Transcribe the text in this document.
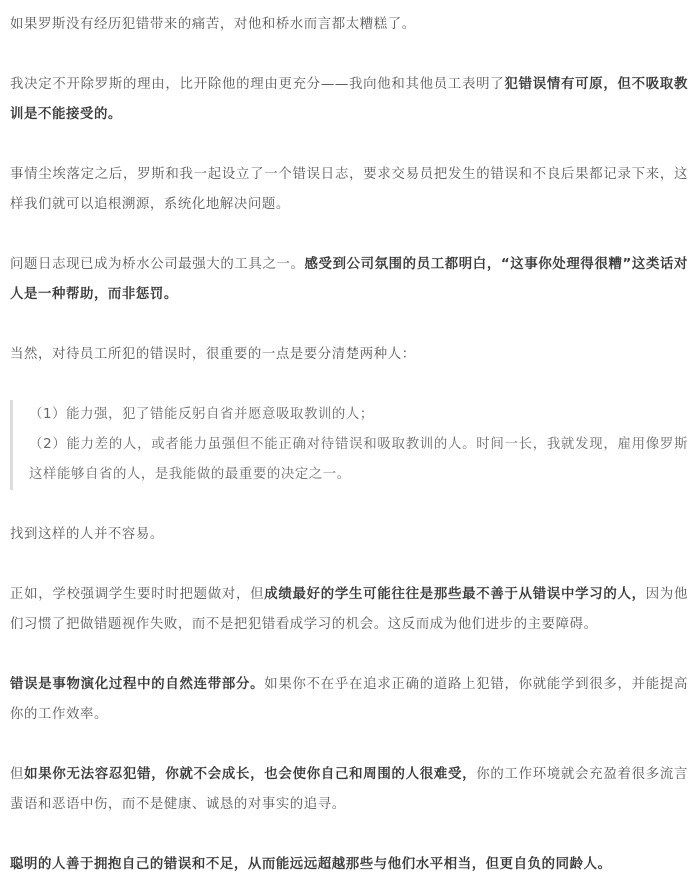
如果罗斯没有经历犯错带来的痛苦，对他和桥水而言都太糟糕了。

我决定不开除罗斯的理由，比开除他的理由更充分——我向他和其他员工表明了犯错误情有可原，但不吸取教训是不能接受的。

事情尘埃落定之后，罗斯和我一起设立了一个错误日志，要求交易员把发生的错误和不良后果都记录下来，这样我们就可以追根溯源，系统化地解决问题。

问题日志现已成为桥水公司最强大的工具之一。感受到公司氛围的员工都明白，“这事你处理得很糟”这类话对人是一种帮助，而非惩罚。

当然，对待员工所犯的错误时，很重要的一点是要分清楚两种人：

（1）能力强，犯了错能反躬自省并愿意吸取教训的人；

（2）能力差的人，或者能力虽强但不能正确对待错误和吸取教训的人。时间一长，我就发现，雇用像罗斯这样能够自省的人，是我能做的最重要的决定之一。

找到这样的人并不容易。

正如，学校强调学生要时时把题做对，但成绩最好的学生可能往往是那些最不善于从错误中学习的人，因为他们习惯了把做错题视作失败，而不是把犯错看成学习的机会。这反而成为他们进步的主要障碍。

错误是事物演化过程中的自然连带部分。如果你不在乎在追求正确的道路上犯错，你就能学到很多，并能提高你的工作效率。

但如果你无法容忍犯错，你就不会成长，也会使你自己和周围的人很难受，你的工作环境就会充盈着很多流言蜚语和恶语中伤，而不是健康、诚恳的对事实的追寻。

聪明的人善于拥抱自己的错误和不足，从而能远远超越那些与他们水平相当，但更自负的同龄人。
